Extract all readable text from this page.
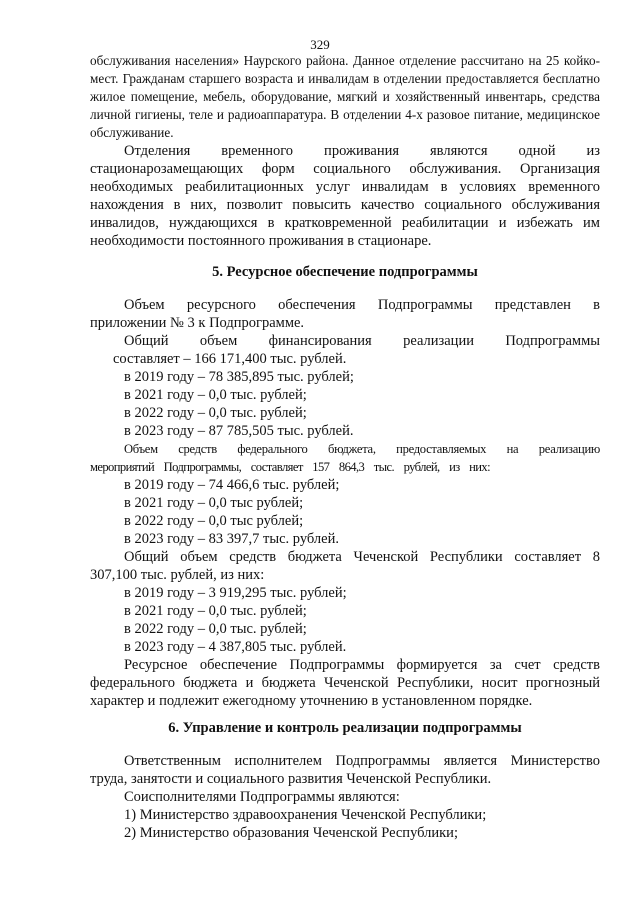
329
обслуживания населения» Наурского района. Данное отделение рассчитано на 25 койко-
мест. Гражданам старшего возраста и инвалидам в отделении предоставляется бесплатно
жилое помещение, мебель, оборудование, мягкий и хозяйственный инвентарь, средства
личной гигиены, теле и радиоаппаратура. В отделении 4-х разовое питание, медицинское
обслуживание.
Отделения временного проживания являются одной из
стационарозамещающих форм социального обслуживания. Организация
необходимых реабилитационных услуг инвалидам в условиях временного
нахождения в них, позволит повысить качество социального обслуживания
инвалидов, нуждающихся в кратковременной реабилитации и избежать им
необходимости постоянного проживания в стационаре.
5. Ресурсное обеспечение подпрограммы
Объем ресурсного обеспечения Подпрограммы представлен в
приложении № 3 к Подпрограмме.
Общий объем финансирования реализации Подпрограммы
составляет – 166 171,400 тыс. рублей.
в 2019 году – 78 385,895 тыс. рублей;
в 2021 году – 0,0 тыс. рублей;
в 2022 году – 0,0 тыс. рублей;
в 2023 году – 87 785,505 тыс. рублей.
Объем средств федерального бюджета, предоставляемых на реализацию
мероприятий Подпрограммы, составляет 157 864,3 тыс. рублей, из них:
в 2019 году – 74 466,6 тыс. рублей;
в 2021 году – 0,0 тыс рублей;
в 2022 году – 0,0 тыс рублей;
в 2023 году – 83 397,7 тыс. рублей.
Общий объем средств бюджета Чеченской Республики составляет 8
307,100 тыс. рублей, из них:
в 2019 году – 3 919,295 тыс. рублей;
в 2021 году – 0,0 тыс. рублей;
в 2022 году – 0,0 тыс. рублей;
в 2023 году – 4 387,805 тыс. рублей.
Ресурсное обеспечение Подпрограммы формируется за счет средств
федерального бюджета и бюджета Чеченской Республики, носит прогнозный
характер и подлежит ежегодному уточнению в установленном порядке.
6. Управление и контроль реализации подпрограммы
Ответственным исполнителем Подпрограммы является Министерство
труда, занятости и социального развития Чеченской Республики.
Соисполнителями Подпрограммы являются:
1) Министерство здравоохранения Чеченской Республики;
2) Министерство образования Чеченской Республики;
